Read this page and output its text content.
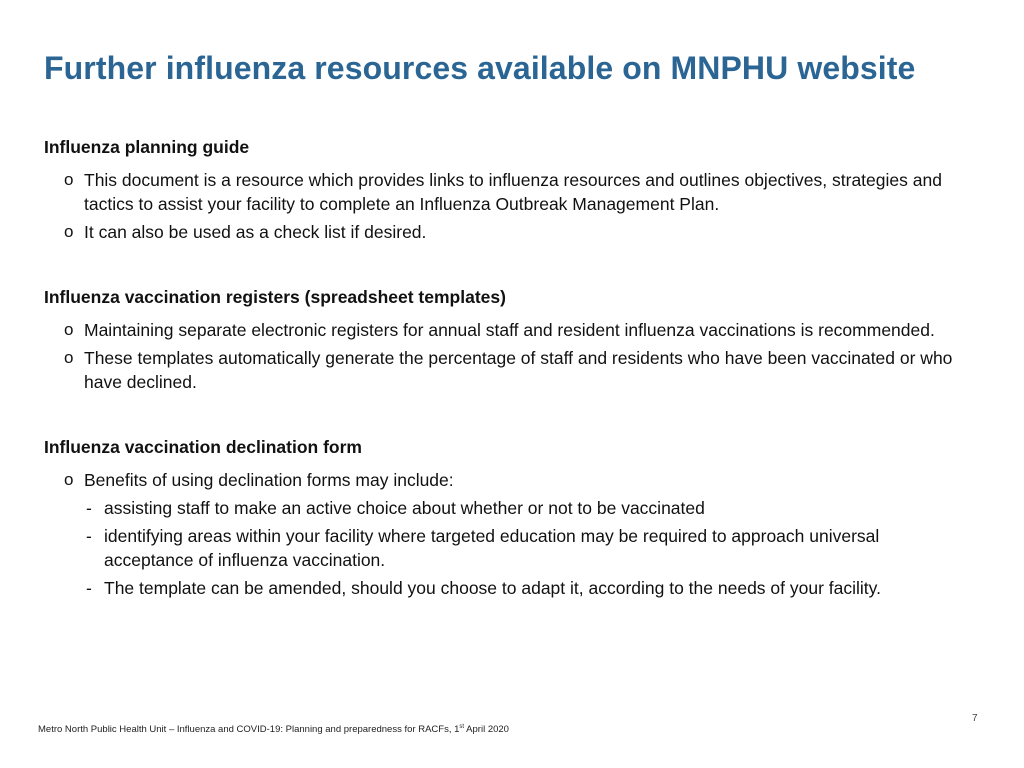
Further influenza resources available on MNPHU website

Influenza planning guide

o This document is a resource which provides links to influenza resources and outlines objectives, strategies and tactics to assist your facility to complete an Influenza Outbreak Management Plan.
o It can also be used as a check list if desired.

Influenza vaccination registers (spreadsheet templates)

o Maintaining separate electronic registers for annual staff and resident influenza vaccinations is recommended.
o These templates automatically generate the percentage of staff and residents who have been vaccinated or who have declined.

Influenza vaccination declination form

o Benefits of using declination forms may include:
- assisting staff to make an active choice about whether or not to be vaccinated
- identifying areas within your facility where targeted education may be required to approach universal acceptance of influenza vaccination.
- The template can be amended, should you choose to adapt it, according to the needs of your facility.
7
Metro North Public Health Unit – Influenza and COVID-19: Planning and preparedness for RACFs, 1st April 2020
